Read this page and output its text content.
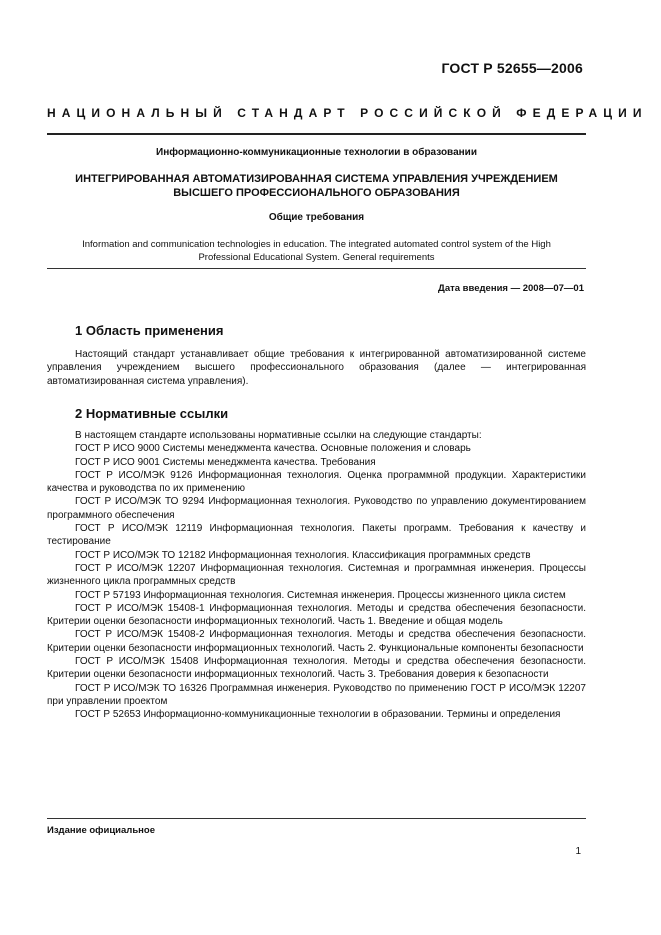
ГОСТ Р 52655—2006
НАЦИОНАЛЬНЫЙ СТАНДАРТ РОССИЙСКОЙ ФЕДЕРАЦИИ
Информационно-коммуникационные технологии в образовании
ИНТЕГРИРОВАННАЯ АВТОМАТИЗИРОВАННАЯ СИСТЕМА УПРАВЛЕНИЯ УЧРЕЖДЕНИЕМ
ВЫСШЕГО ПРОФЕССИОНАЛЬНОГО ОБРАЗОВАНИЯ
Общие требования
Information and communication technologies in education. The integrated automated control system of the High
Professional Educational System. General requirements
Дата введения — 2008—07—01
1 Область применения
Настоящий стандарт устанавливает общие требования к интегрированной автоматизированной системе управления учреждением высшего профессионального образования (далее — интегрированная автоматизированная система управления).
2 Нормативные ссылки

В настоящем стандарте использованы нормативные ссылки на следующие стандарты:

ГОСТ Р ИСО 9000 Системы менеджмента качества. Основные положения и словарь

ГОСТ Р ИСО 9001 Системы менеджмента качества. Требования

ГОСТ Р ИСО/МЭК 9126 Информационная технология. Оценка программной продукции. Характеристики качества и руководства по их применению

ГОСТ Р ИСО/МЭК ТО 9294 Информационная технология. Руководство по управлению документированием программного обеспечения

ГОСТ Р ИСО/МЭК 12119 Информационная технология. Пакеты программ. Требования к качеству и тестирование

ГОСТ Р ИСО/МЭК ТО 12182 Информационная технология. Классификация программных средств

ГОСТ Р ИСО/МЭК 12207 Информационная технология. Системная и программная инженерия. Процессы жизненного цикла программных средств

ГОСТ Р 57193 Информационная технология. Системная инженерия. Процессы жизненного цикла систем

ГОСТ Р ИСО/МЭК 15408-1 Информационная технология. Методы и средства обеспечения безопасности. Критерии оценки безопасности информационных технологий. Часть 1. Введение и общая модель

ГОСТ Р ИСО/МЭК 15408-2 Информационная технология. Методы и средства обеспечения безопасности. Критерии оценки безопасности информационных технологий. Часть 2. Функциональные компоненты безопасности

ГОСТ Р ИСО/МЭК 15408 Информационная технология. Методы и средства обеспечения безопасности. Критерии оценки безопасности информационных технологий. Часть 3. Требования доверия к безопасности

ГОСТ Р ИСО/МЭК ТО 16326 Программная инженерия. Руководство по применению ГОСТ Р ИСО/МЭК 12207 при управлении проектом

ГОСТ Р 52653 Информационно-коммуникационные технологии в образовании. Термины и определения

Издание официальное
1
